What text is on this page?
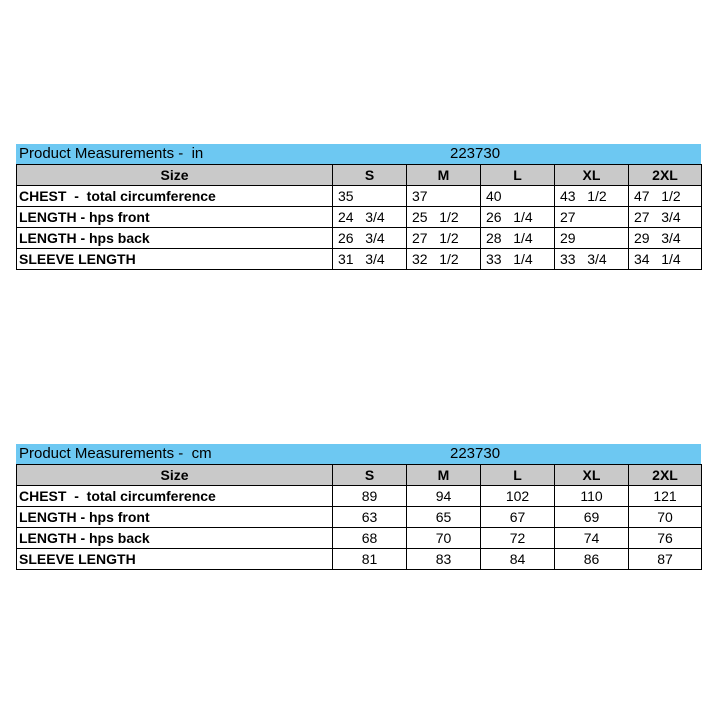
Product Measurements -  in	223730
Size	S	M	L	XL	2XL
CHEST  -  total circumference	35	37	40	43   1/2	47   1/2
LENGTH - hps front	24   3/4	25   1/2	26   1/4	27	27   3/4
LENGTH - hps back	26   3/4	27   1/2	28   1/4	29	29   3/4
SLEEVE LENGTH	31   3/4	32   1/2	33   1/4	33   3/4	34   1/4
Product Measurements -  cm	223730
Size	S	M	L	XL	2XL
CHEST  -  total circumference	89	94	102	110	121
LENGTH - hps front	63	65	67	69	70
LENGTH - hps back	68	70	72	74	76
SLEEVE LENGTH	81	83	84	86	87
